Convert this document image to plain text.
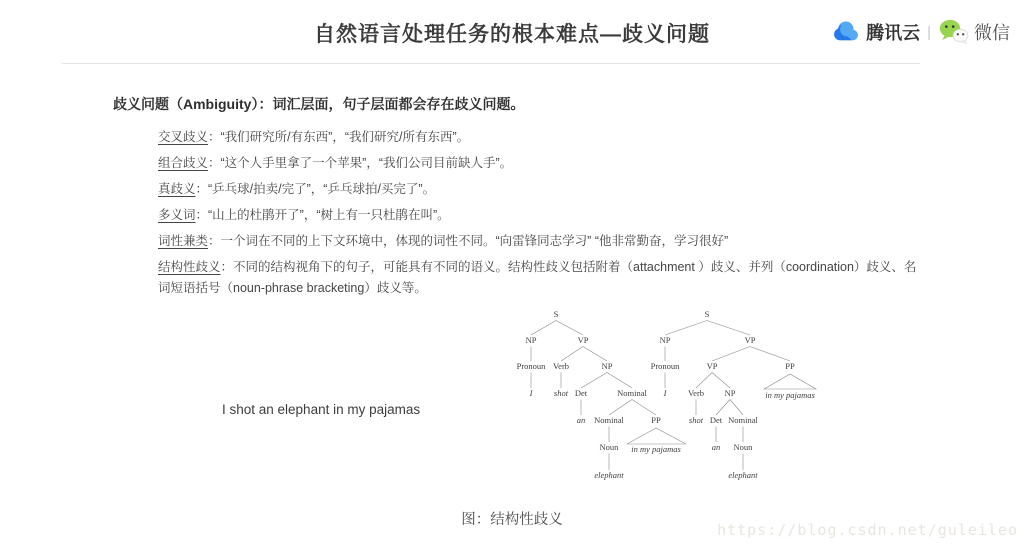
自然语言处理任务的根本难点—歧义问题	腾讯云 | 微信

歧义问题（Ambiguity）：词汇层面，句子层面都会存在歧义问题。

交叉歧义：“我们研究所/有东西”，“我们研究/所有东西”。

组合歧义：“这个人手里拿了一个苹果”，“我们公司目前缺人手”。

真歧义：“乒乓球/拍卖/完了”，“乒乓球拍/买完了”。

多义词：“山上的杜鹃开了”，“树上有一只杜鹃在叫”。

词性兼类：一个词在不同的上下文环境中，体现的词性不同。“向雷锋同志学习” “他非常勤奋，学习很好”

结构性歧义：不同的结构视角下的句子，可能具有不同的语义。结构性歧义包括附着（attachment ）歧义、并列（coordination）歧义、名词短语括号（noun-phrase bracketing）歧义等。

I shot an elephant in my pajamas
S
NP	VP
Pronoun Verb	NP
I	shot Det	Nominal
an Nominal	PP
Noun in my pajamas
elephant
S
NP	VP
Pronoun	VP	PP
I	Verb NP	in my pajamas
shot Det Nominal
an Noun
elephant
图：结构性歧义
https://blog.csdn.net/guleileo
